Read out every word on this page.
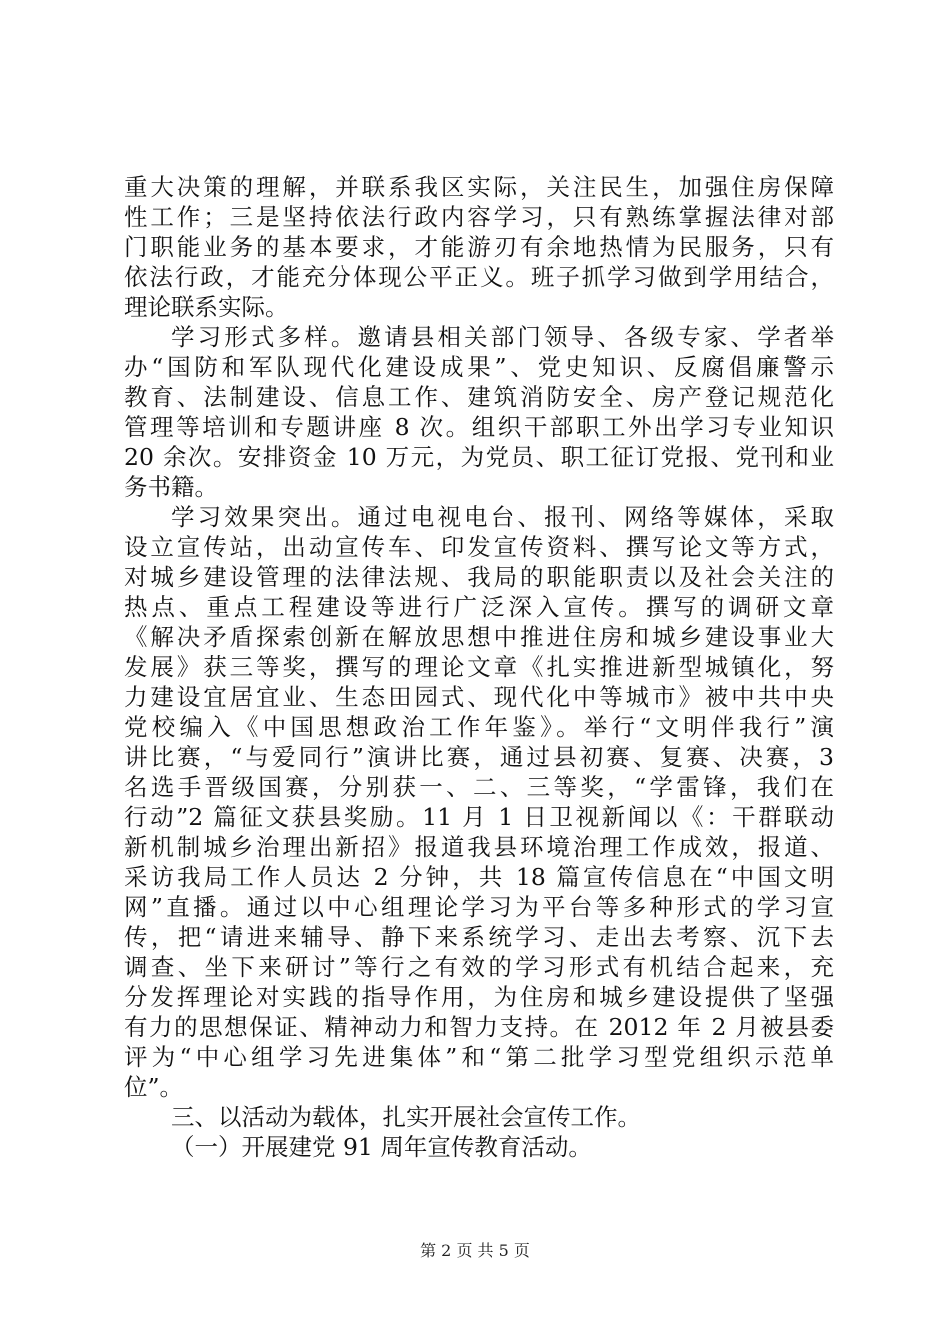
重大决策的理解，并联系我区实际，关注民生，加强住房保障
性工作；三是坚持依法行政内容学习，只有熟练掌握法律对部
门职能业务的基本要求，才能游刃有余地热情为民服务，只有
依法行政，才能充分体现公平正义。班子抓学习做到学用结合，
理论联系实际。
学习形式多样。邀请县相关部门领导、各级专家、学者举
办“国防和军队现代化建设成果”、党史知识、反腐倡廉警示
教育、法制建设、信息工作、建筑消防安全、房产登记规范化
管理等培训和专题讲座 8 次。组织干部职工外出学习专业知识
20 余次。安排资金 10 万元，为党员、职工征订党报、党刊和业
务书籍。
学习效果突出。通过电视电台、报刊、网络等媒体，采取
设立宣传站，出动宣传车、印发宣传资料、撰写论文等方式，
对城乡建设管理的法律法规、我局的职能职责以及社会关注的
热点、重点工程建设等进行广泛深入宣传。撰写的调研文章
《解决矛盾探索创新在解放思想中推进住房和城乡建设事业大
发展》获三等奖，撰写的理论文章《扎实推进新型城镇化，努
力建设宜居宜业、生态田园式、现代化中等城市》被中共中央
党校编入《中国思想政治工作年鉴》。举行“文明伴我行”演
讲比赛，“与爱同行”演讲比赛，通过县初赛、复赛、决赛，3
名选手晋级国赛，分别获一、二、三等奖，“学雷锋，我们在
行动”2 篇征文获县奖励。11 月 1 日卫视新闻以《：干群联动
新机制城乡治理出新招》报道我县环境治理工作成效，报道、
采访我局工作人员达 2 分钟，共 18 篇宣传信息在“中国文明
网”直播。通过以中心组理论学习为平台等多种形式的学习宣
传，把“请进来辅导、静下来系统学习、走出去考察、沉下去
调查、坐下来研讨”等行之有效的学习形式有机结合起来，充
分发挥理论对实践的指导作用，为住房和城乡建设提供了坚强
有力的思想保证、精神动力和智力支持。在 2012 年 2 月被县委
评为“中心组学习先进集体”和“第二批学习型党组织示范单
位”。
三、以活动为载体，扎实开展社会宣传工作。
（一）开展建党 91 周年宣传教育活动。
第 2 页 共 5 页
